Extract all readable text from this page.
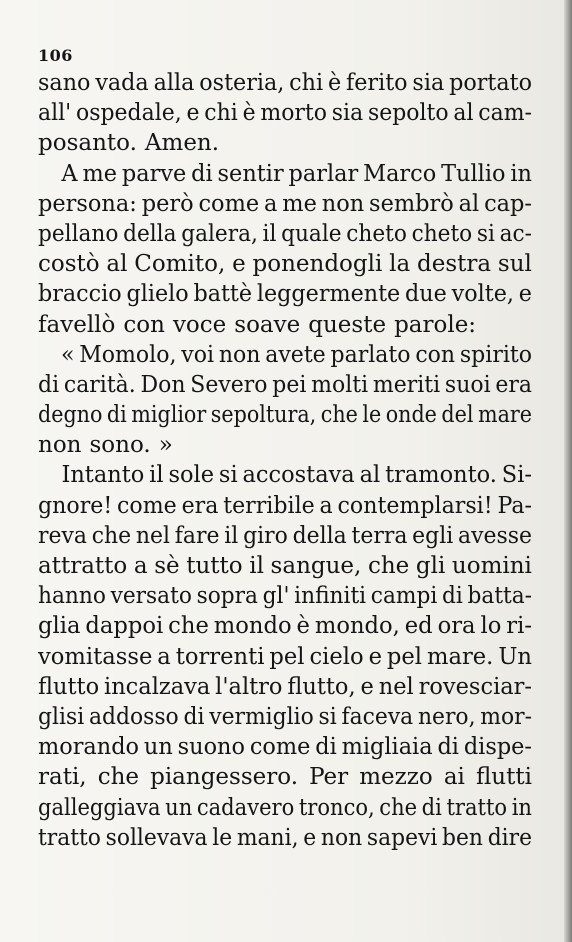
106
sano vada alla osteria, chi è ferito sia portato
all' ospedale, e chi è morto sia sepolto al cam-
posanto. Amen.
A me parve di sentir parlar Marco Tullio in
persona: però come a me non sembrò al cap-
pellano della galera, il quale cheto cheto si ac-
costò al Comito, e ponendogli la destra sul
braccio glielo battè leggermente due volte, e
favellò con voce soave queste parole:
« Momolo, voi non avete parlato con spirito
di carità. Don Severo pei molti meriti suoi era
degno di miglior sepoltura, che le onde del mare
non sono. »
Intanto il sole si accostava al tramonto. Si-
gnore! come era terribile a contemplarsi! Pa-
reva che nel fare il giro della terra egli avesse
attratto a sè tutto il sangue, che gli uomini
hanno versato sopra gl' infiniti campi di batta-
glia dappoi che mondo è mondo, ed ora lo ri-
vomitasse a torrenti pel cielo e pel mare. Un
flutto incalzava l'altro flutto, e nel rovesciar-
glisi addosso di vermiglio si faceva nero, mor-
morando un suono come di migliaia di dispe-
rati, che piangessero. Per mezzo ai flutti
galleggiava un cadavero tronco, che di tratto in
tratto sollevava le mani, e non sapevi ben dire
